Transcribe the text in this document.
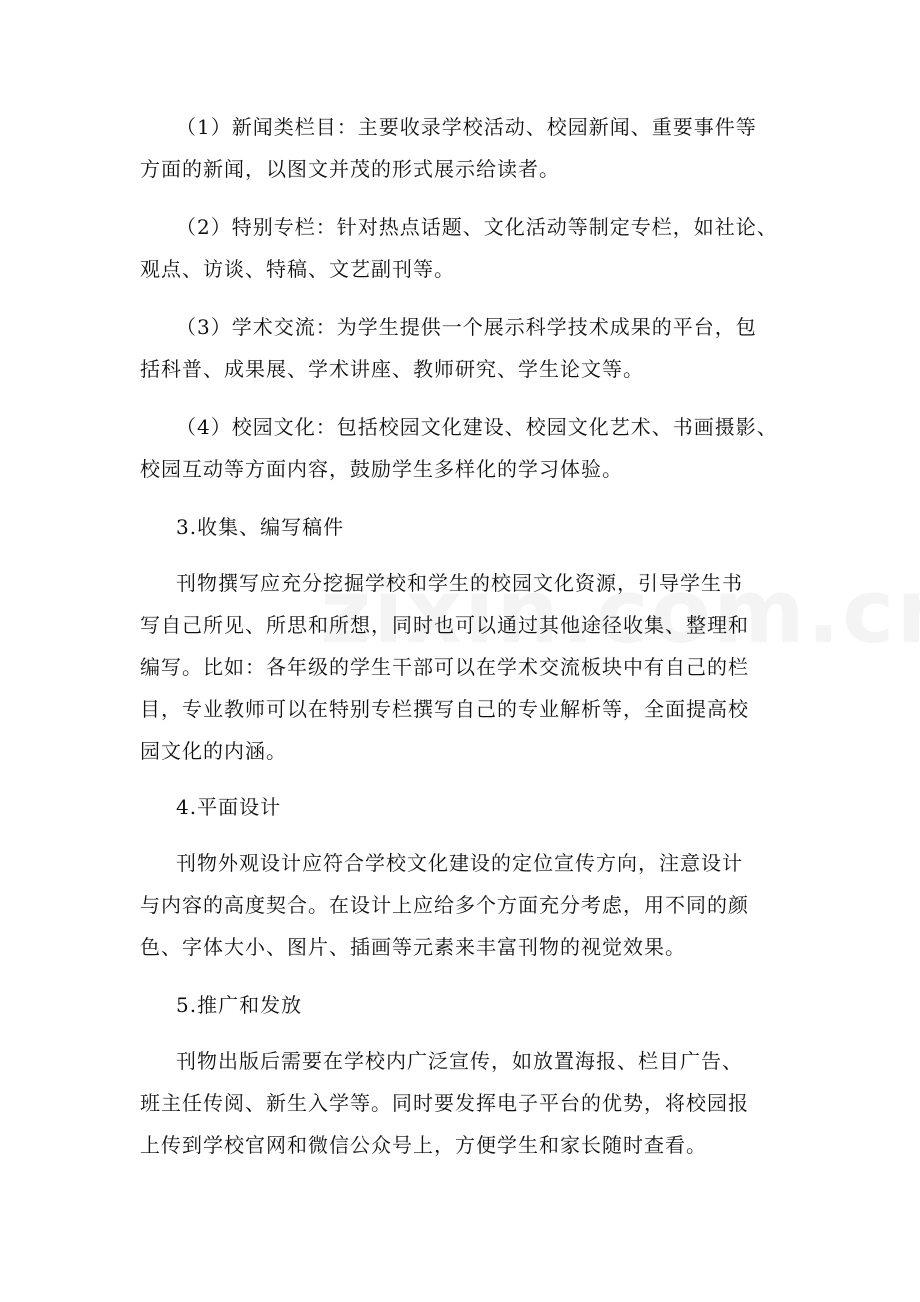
（1）新闻类栏目：主要收录学校活动、校园新闻、重要事件等
方面的新闻，以图文并茂的形式展示给读者。
（2）特别专栏：针对热点话题、文化活动等制定专栏，如社论、
观点、访谈、特稿、文艺副刊等。
（3）学术交流：为学生提供一个展示科学技术成果的平台，包
括科普、成果展、学术讲座、教师研究、学生论文等。
（4）校园文化：包括校园文化建设、校园文化艺术、书画摄影、
校园互动等方面内容，鼓励学生多样化的学习体验。
3.收集、编写稿件
刊物撰写应充分挖掘学校和学生的校园文化资源，引导学生书
写自己所见、所思和所想，同时也可以通过其他途径收集、整理和
编写。比如：各年级的学生干部可以在学术交流板块中有自己的栏
目，专业教师可以在特别专栏撰写自己的专业解析等，全面提高校
园文化的内涵。
4.平面设计
刊物外观设计应符合学校文化建设的定位宣传方向，注意设计
与内容的高度契合。在设计上应给多个方面充分考虑，用不同的颜
色、字体大小、图片、插画等元素来丰富刊物的视觉效果。
5.推广和发放
刊物出版后需要在学校内广泛宣传，如放置海报、栏目广告、
班主任传阅、新生入学等。同时要发挥电子平台的优势，将校园报
上传到学校官网和微信公众号上，方便学生和家长随时查看。
